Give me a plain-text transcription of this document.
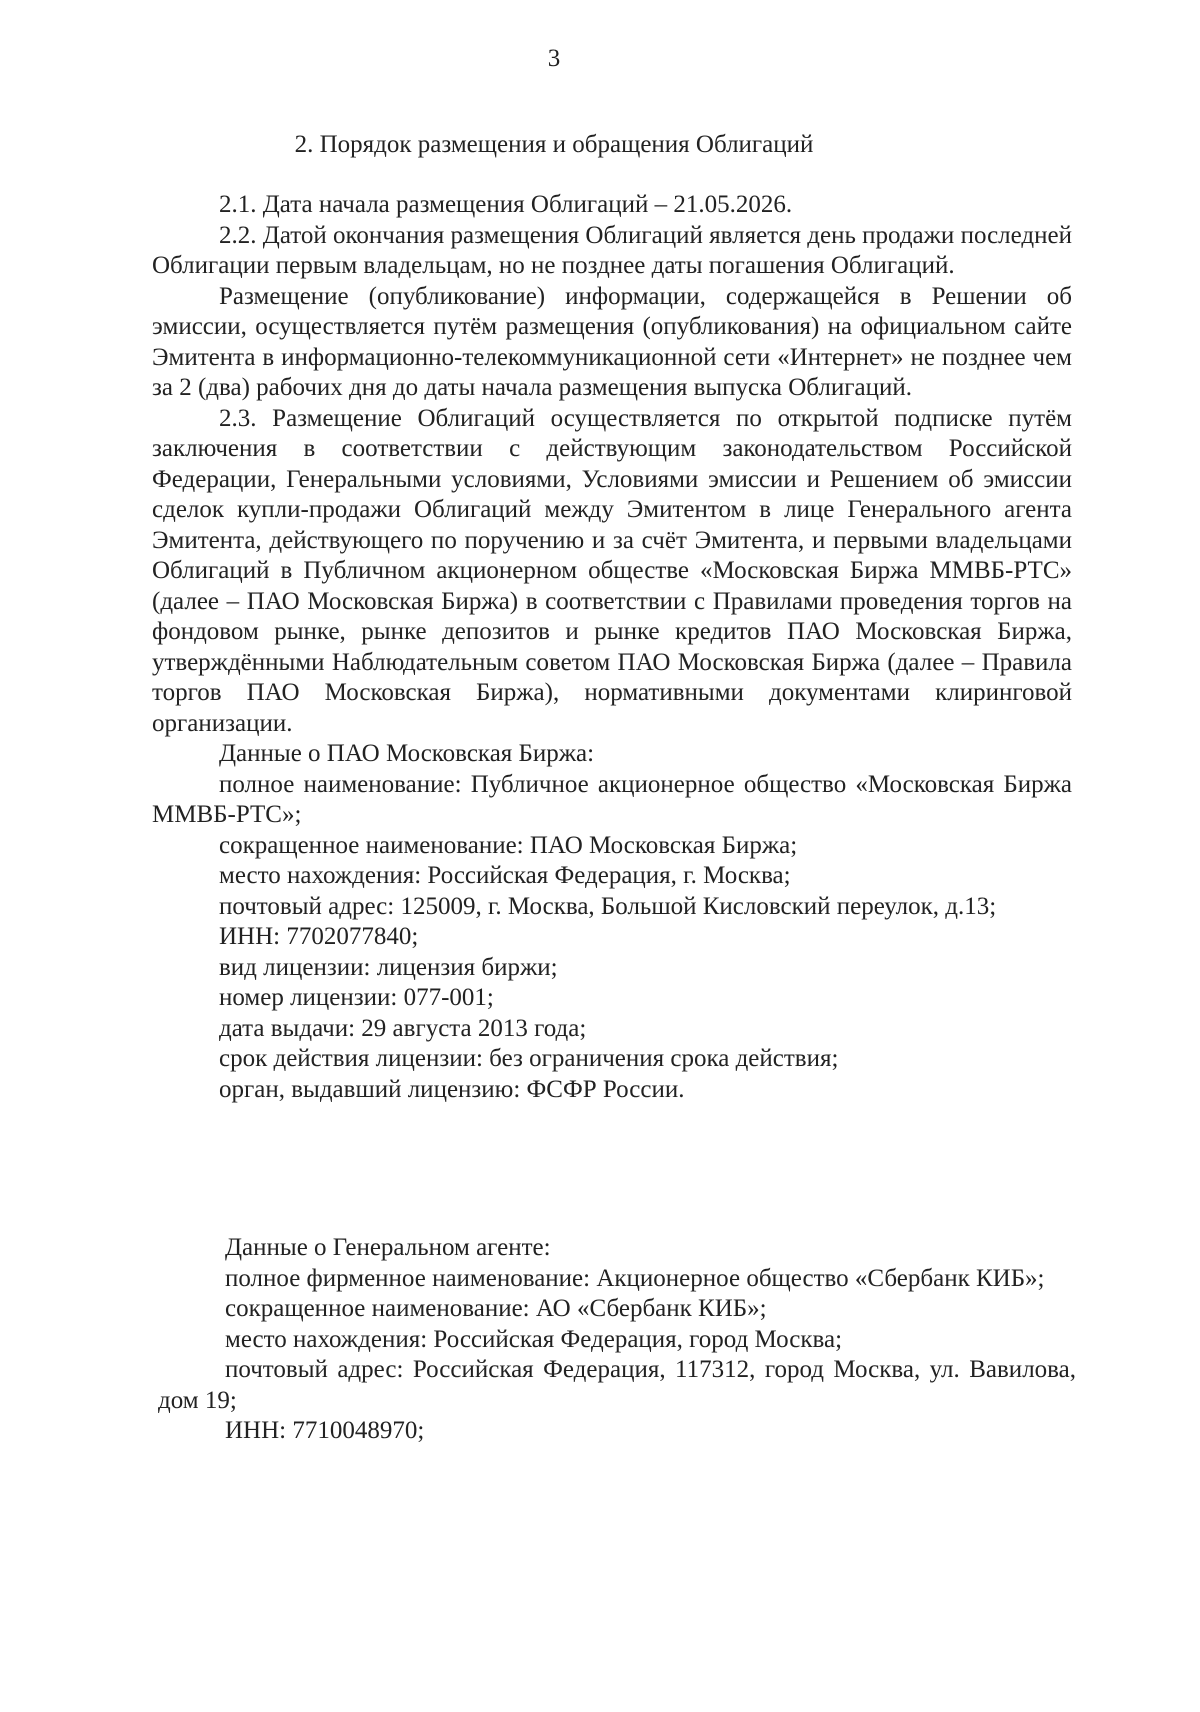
3
2. Порядок размещения и обращения Облигаций

2.1. Дата начала размещения Облигаций – 21.05.2026.

2.2. Датой окончания размещения Облигаций является день продажи последней Облигации первым владельцам, но не позднее даты погашения Облигаций.

Размещение (опубликование) информации, содержащейся в Решении об эмиссии, осуществляется путём размещения (опубликования) на официальном сайте Эмитента в информационно-телекоммуникационной сети «Интернет» не позднее чем за 2 (два) рабочих дня до даты начала размещения выпуска Облигаций.

2.3. Размещение Облигаций осуществляется по открытой подписке путём заключения в соответствии с действующим законодательством Российской Федерации, Генеральными условиями, Условиями эмиссии и Решением об эмиссии сделок купли-продажи Облигаций между Эмитентом в лице Генерального агента Эмитента, действующего по поручению и за счёт Эмитента, и первыми владельцами Облигаций в Публичном акционерном обществе «Московская Биржа ММВБ-РТС» (далее – ПАО Московская Биржа) в соответствии с Правилами проведения торгов на фондовом рынке, рынке депозитов и рынке кредитов ПАО Московская Биржа, утверждёнными Наблюдательным советом ПАО Московская Биржа (далее – Правила торгов ПАО Московская Биржа), нормативными документами клиринговой организации.

Данные о ПАО Московская Биржа:

полное наименование: Публичное акционерное общество «Московская Биржа ММВБ-РТС»;

сокращенное наименование: ПАО Московская Биржа;

место нахождения: Российская Федерация, г. Москва;

почтовый адрес: 125009, г. Москва, Большой Кисловский переулок, д.13;

ИНН: 7702077840;

вид лицензии: лицензия биржи;

номер лицензии: 077-001;

дата выдачи: 29 августа 2013 года;

срок действия лицензии: без ограничения срока действия;

орган, выдавший лицензию: ФСФР России.

Данные о Генеральном агенте:

полное фирменное наименование: Акционерное общество «Сбербанк КИБ»;

сокращенное наименование: АО «Сбербанк КИБ»;

место нахождения: Российская Федерация, город Москва;

почтовый адрес: Российская Федерация, 117312, город Москва, ул. Вавилова, дом 19;

ИНН: 7710048970;
